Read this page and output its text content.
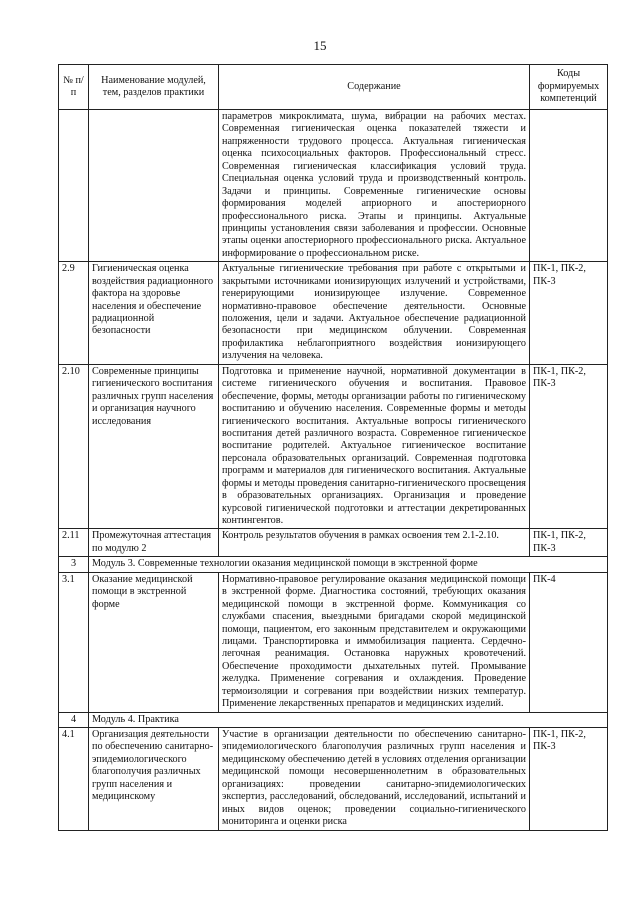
15
№ п/п	Наименование модулей, тем, разделов практики	Содержание	Коды формируемых компетенций
		параметров микроклимата, шума, вибрации на рабочих местах. Современная гигиеническая оценка показателей тяжести и напряженности трудового процесса. Актуальная гигиеническая оценка психосоциальных факторов. Профессиональный стресс. Современная гигиеническая классификация условий труда. Специальная оценка условий труда и производственный контроль. Задачи и принципы. Современные гигиенические основы формирования моделей априорного и апостериорного профессионального риска. Этапы и принципы. Актуальные принципы установления связи заболевания и профессии. Основные этапы оценки апостериорного профессионального риска. Актуальное информирование о профессиональном риске.	
2.9	Гигиеническая оценка воздействия радиационного фактора на здоровье населения и обеспечение радиационной безопасности	Актуальные гигиенические требования при работе с открытыми и закрытыми источниками ионизирующих излучений и устройствами, генерирующими ионизирующее излучение. Современное нормативно-правовое обеспечение деятельности. Основные положения, цели и задачи. Актуальное обеспечение радиационной безопасности при медицинском облучении. Современная профилактика неблагоприятного воздействия ионизирующего излучения на человека.	ПК-1, ПК-2, ПК-3
2.10	Современные принципы гигиенического воспитания различных групп населения и организация научного исследования	Подготовка и применение научной, нормативной документации в системе гигиенического обучения и воспитания. Правовое обеспечение, формы, методы организации работы по гигиеническому воспитанию и обучению населения. Современные формы и методы гигиенического воспитания. Актуальные вопросы гигиенического воспитания детей различного возраста. Современное гигиеническое воспитание родителей. Актуальное гигиеническое воспитание персонала образовательных организаций. Современная подготовка программ и материалов для гигиенического воспитания. Актуальные формы и методы проведения санитарно-гигиенического просвещения в образовательных организациях. Организация и проведение курсовой гигиенической подготовки и аттестации декретированных контингентов.	ПК-1, ПК-2, ПК-3
2.11	Промежуточная аттестация по модулю 2	Контроль результатов обучения в рамках освоения тем 2.1-2.10.	ПК-1, ПК-2, ПК-3
3	Модуль 3. Современные технологии оказания медицинской помощи в экстренной форме		
3.1	Оказание медицинской помощи в экстренной форме	Нормативно-правовое регулирование оказания медицинской помощи в экстренной форме. Диагностика состояний, требующих оказания медицинской помощи в экстренной форме. Коммуникация со службами спасения, выездными бригадами скорой медицинской помощи, пациентом, его законным представителем и окружающими лицами. Транспортировка и иммобилизация пациента. Сердечно-легочная реанимация. Остановка наружных кровотечений. Обеспечение проходимости дыхательных путей. Промывание желудка. Применение согревания и охлаждения. Проведение термоизоляции и согревания при воздействии низких температур. Применение лекарственных препаратов и медицинских изделий.	ПК-4
4	Модуль 4. Практика		
4.1	Организация деятельности по обеспечению санитарно-эпидемиологического благополучия различных групп населения и медицинскому	Участие в организации деятельности по обеспечению санитарно-эпидемиологического благополучия различных групп населения и медицинскому обеспечению детей в условиях отделения организации медицинской помощи несовершеннолетним в образовательных организациях: проведении санитарно-эпидемиологических экспертиз, расследований, обследований, исследований, испытаний и иных видов оценок; проведении социально-гигиенического мониторинга и оценки риска	ПК-1, ПК-2, ПК-3
